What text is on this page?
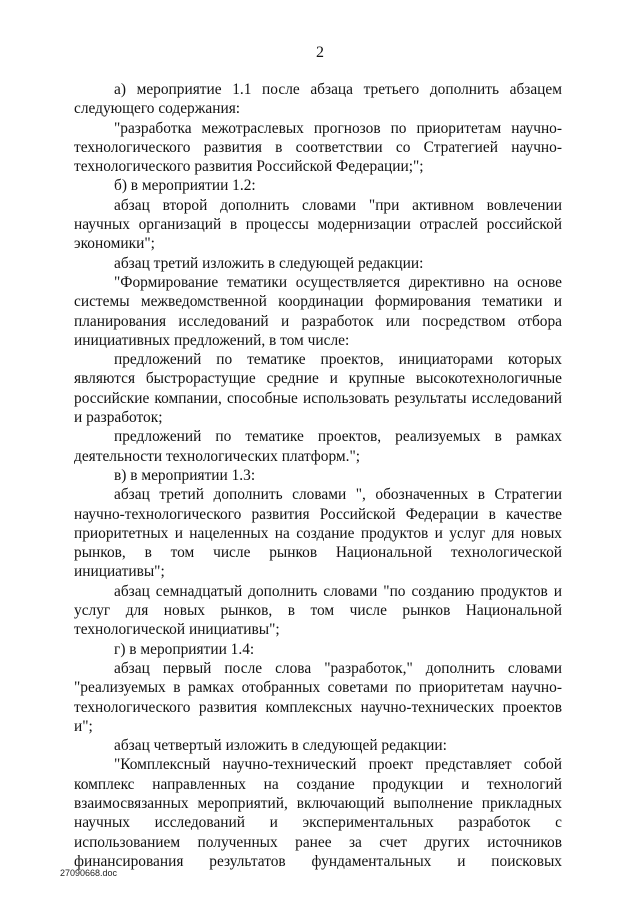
2

а) мероприятие 1.1 после абзаца третьего дополнить абзацем следующего содержания:

"разработка межотраслевых прогнозов по приоритетам научно-технологического развития в соответствии со Стратегией научно-технологического развития Российской Федерации;";

б) в мероприятии 1.2:

абзац второй дополнить словами "при активном вовлечении научных организаций в процессы модернизации отраслей российской экономики";

абзац третий изложить в следующей редакции:

"Формирование тематики осуществляется директивно на основе системы межведомственной координации формирования тематики и планирования исследований и разработок или посредством отбора инициативных предложений, в том числе:

предложений по тематике проектов, инициаторами которых являются быстрорастущие средние и крупные высокотехнологичные российские компании, способные использовать результаты исследований и разработок;

предложений по тематике проектов, реализуемых в рамках деятельности технологических платформ.";

в) в мероприятии 1.3:

абзац третий дополнить словами ", обозначенных в Стратегии научно-технологического развития Российской Федерации в качестве приоритетных и нацеленных на создание продуктов и услуг для новых рынков, в том числе рынков Национальной технологической инициативы";

абзац семнадцатый дополнить словами "по созданию продуктов и услуг для новых рынков, в том числе рынков Национальной технологической инициативы";

г) в мероприятии 1.4:

абзац первый после слова "разработок," дополнить словами "реализуемых в рамках отобранных советами по приоритетам научно-технологического развития комплексных научно-технических проектов и";

абзац четвертый изложить в следующей редакции:

"Комплексный научно-технический проект представляет собой комплекс направленных на создание продукции и технологий взаимосвязанных мероприятий, включающий выполнение прикладных научных исследований и экспериментальных разработок с использованием полученных ранее за счет других источников финансирования результатов фундаментальных и поисковых

27090668.doc
